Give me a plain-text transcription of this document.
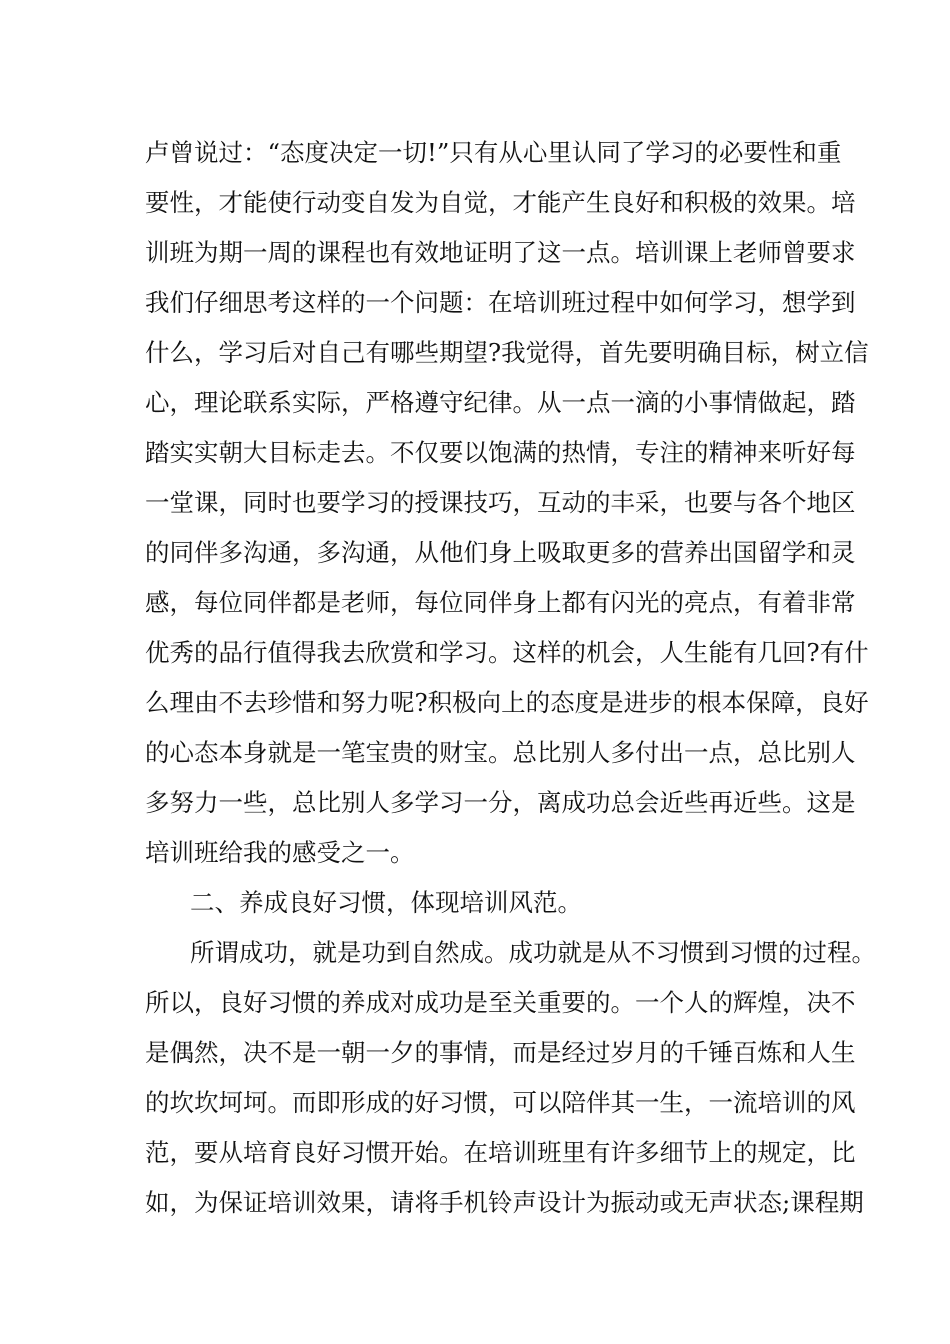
卢曾说过：“态度决定一切!”只有从心里认同了学习的必要性和重
要性，才能使行动变自发为自觉，才能产生良好和积极的效果。培
训班为期一周的课程也有效地证明了这一点。培训课上老师曾要求
我们仔细思考这样的一个问题：在培训班过程中如何学习，想学到
什么，学习后对自己有哪些期望?我觉得，首先要明确目标，树立信
心，理论联系实际，严格遵守纪律。从一点一滴的小事情做起，踏
踏实实朝大目标走去。不仅要以饱满的热情，专注的精神来听好每
一堂课，同时也要学习的授课技巧，互动的丰采，也要与各个地区
的同伴多沟通，多沟通，从他们身上吸取更多的营养出国留学和灵
感，每位同伴都是老师，每位同伴身上都有闪光的亮点，有着非常
优秀的品行值得我去欣赏和学习。这样的机会，人生能有几回?有什
么理由不去珍惜和努力呢?积极向上的态度是进步的根本保障，良好
的心态本身就是一笔宝贵的财宝。总比别人多付出一点，总比别人
多努力一些，总比别人多学习一分，离成功总会近些再近些。这是
培训班给我的感受之一。
二、养成良好习惯，体现培训风范。
所谓成功，就是功到自然成。成功就是从不习惯到习惯的过程。
所以，良好习惯的养成对成功是至关重要的。一个人的辉煌，决不
是偶然，决不是一朝一夕的事情，而是经过岁月的千锤百炼和人生
的坎坎坷坷。而即形成的好习惯，可以陪伴其一生，一流培训的风
范，要从培育良好习惯开始。在培训班里有许多细节上的规定，比
如，为保证培训效果，请将手机铃声设计为振动或无声状态;课程期
